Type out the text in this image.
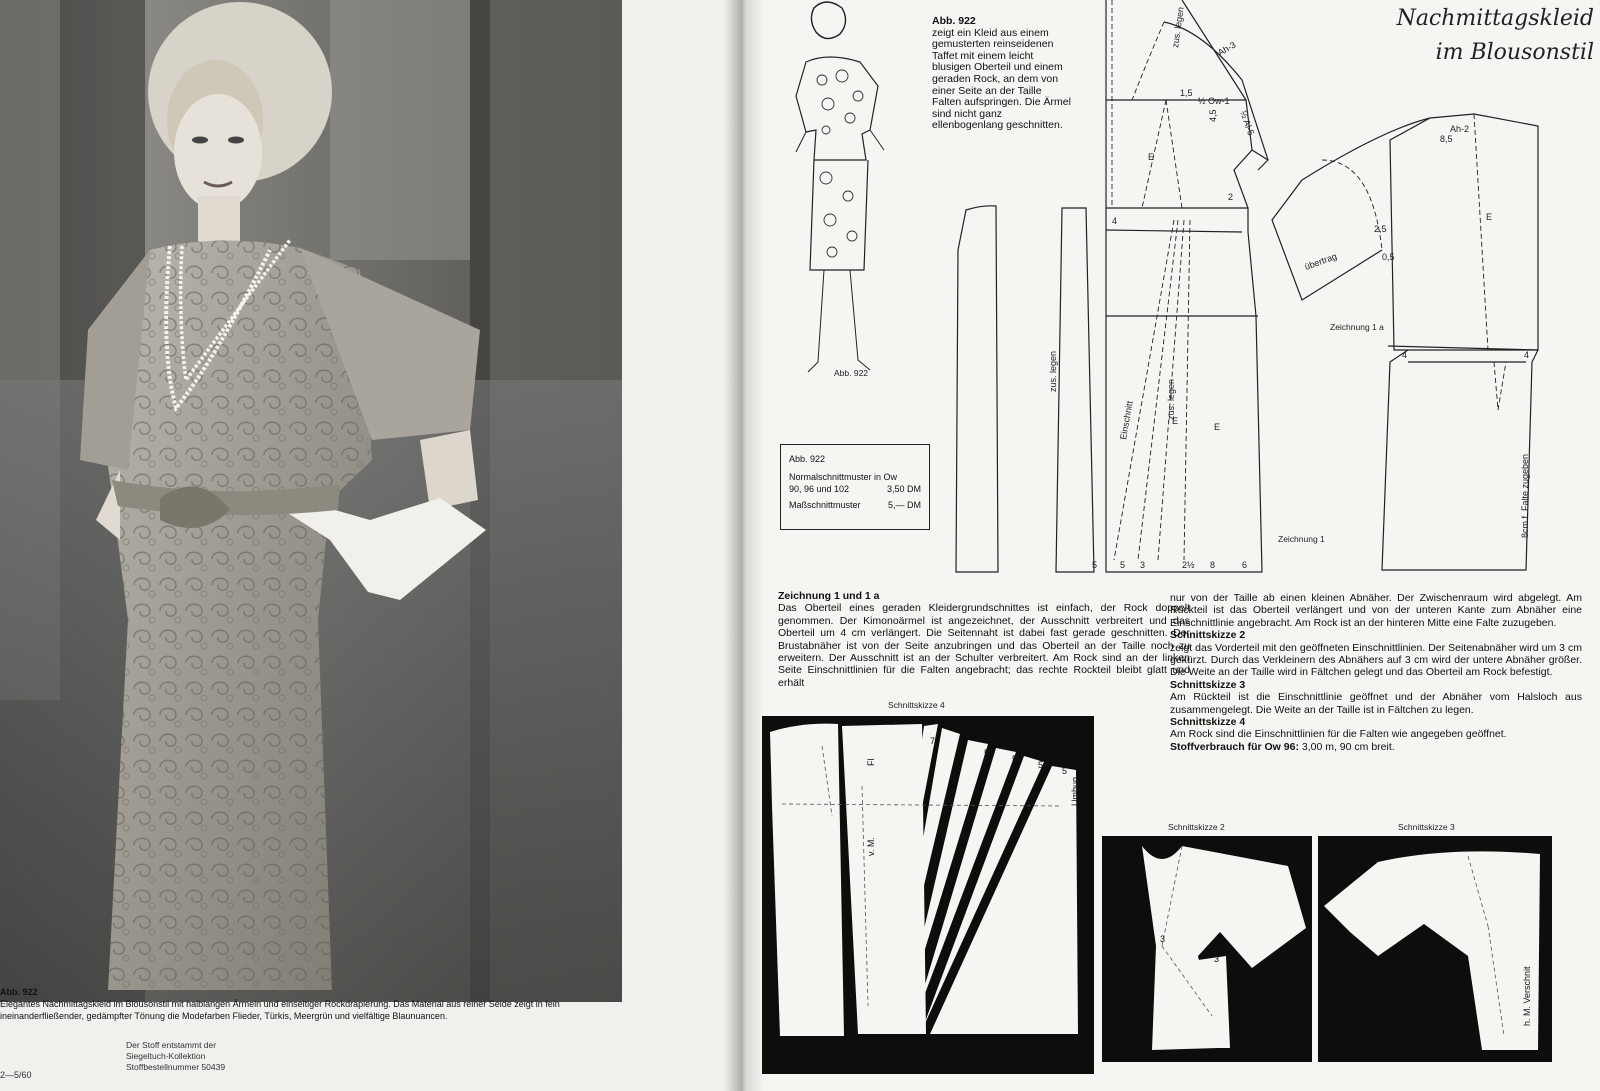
Abb. 922
Elegantes Nachmittagskleid im Blousonstil mit halblangen Ärmeln und einseitiger Rockdrapierung. Das Material aus reiner Seide zeigt in fein ineinanderfließender, gedämpfter Tönung die Modefarben Flieder, Türkis, Meergrün und vielfältige Blaunuancen.
Der Stoff entstammt der
Siegeltuch-Kollektion
Stoffbestellnummer 50439
2—5/60
Abb. 922
Abb. 922
zeigt ein Kleid aus einem gemusterten reinseidenen Taffet mit einem leicht blusigen Oberteil und einem geraden Rock, an dem von einer Seite an der Taille Falten aufspringen. Die Ärmel sind nicht ganz ellenbogenlang geschnitten.
Nachmittagskleid
im Blousonstil
Abb. 922
Normalschnittmuster in Ow
90, 96 und 102	3,50 DM
Maßschnittmuster	5,— DM
zus. legen
Einschnitt
zus. legen
zus. legen
Ah-3
½ Ow-1
½ Al-5
1,5
4,5
2
4
E
E
E
5	5 3	2½ 8	6
Zeichnung 1
Ah-2
8,5
2,5
0,5
übertrag
4	4
8cm f. Falte zugeben
E
Zeichnung 1 a
Zeichnung 1 und 1 a

Das Oberteil eines geraden Kleidergrundschnittes ist einfach, der Rock doppelt genommen. Der Kimonoärmel ist angezeichnet, der Ausschnitt verbreitert und das Oberteil um 4 cm verlängert. Die Seitennaht ist dabei fast gerade geschnitten. Der Brustabnäher ist von der Seite anzubringen und das Oberteil an der Taille noch zu erweitern. Der Ausschnitt ist an der Schulter verbreitert. Am Rock sind an der linken Seite Einschnittlinien für die Falten angebracht; das rechte Rockteil bleibt glatt und erhält

nur von der Taille ab einen kleinen Abnäher. Der Zwischenraum wird abgelegt. Am Rückteil ist das Oberteil verlängert und von der unteren Kante zum Abnäher eine Einschnittlinie angebracht. Am Rock ist an der hinteren Mitte eine Falte zuzugeben.

Schnittskizze 2

zeigt das Vorderteil mit den geöffneten Einschnittlinien. Der Seitenabnäher wird um 3 cm gekürzt. Durch das Verkleinern des Abnähers auf 3 cm wird der untere Abnäher größer. Die Weite an der Taille wird in Fältchen gelegt und das Oberteil am Rock befestigt.

Schnittskizze 3

Am Rückteil ist die Einschnittlinie geöffnet und der Abnäher vom Halsloch aus zusammengelegt. Die Weite an der Taille ist in Fältchen zu legen.

Schnittskizze 4

Am Rock sind die Einschnittlinien für die Falten wie angegeben geöffnet.

Stoffverbrauch für Ow 96: 3,00 m, 90 cm breit.

Schnittskizze 4
7
6
5
5
5
5
v. M.
Fl
Umbug
Schnittskizze 2
v. M. Bruch
3
3
Schnittskizze 3
h. M. Verschnit
